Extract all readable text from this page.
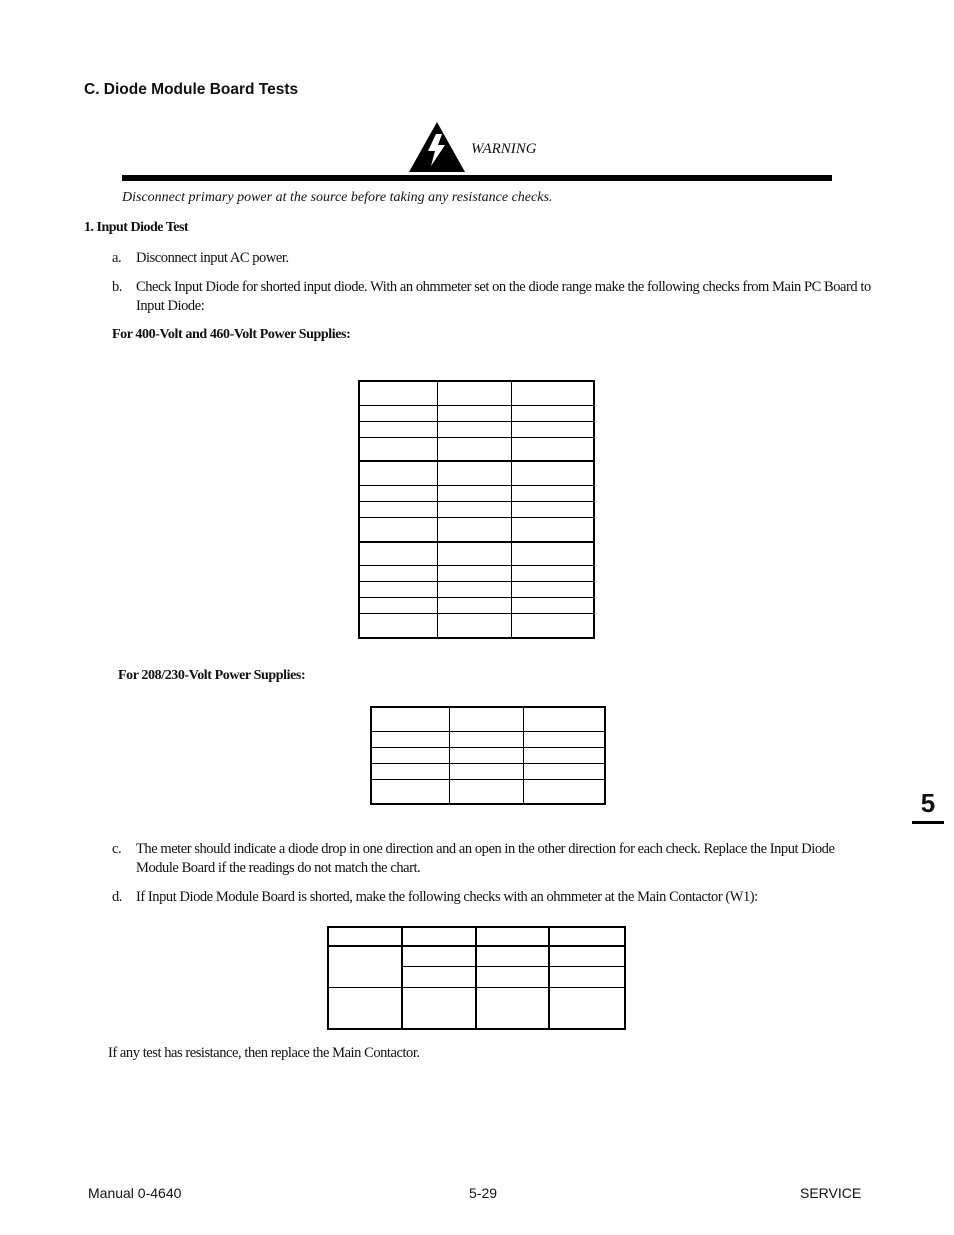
C. Diode Module Board Tests
WARNING
Disconnect primary power at the source before taking any resistance checks.
1. Input Diode Test
a. Disconnect input AC power.
b. Check Input Diode for shorted input diode. With an ohmmeter set on the diode range make the following checks from Main PC Board to Input Diode:
For 400-Volt and 460-Volt Power Supplies:

For 208/230-Volt Power Supplies:

5
c. The meter should indicate a diode drop in one direction and an open in the other direction for each check. Replace the Input Diode Module Board if the readings do not match the chart.
d. If Input Diode Module Board is shorted, make the following checks with an ohmmeter at the Main Contactor (W1):

If any test has resistance, then replace the Main Contactor.
Manual 0-4640	5-29	SERVICE
